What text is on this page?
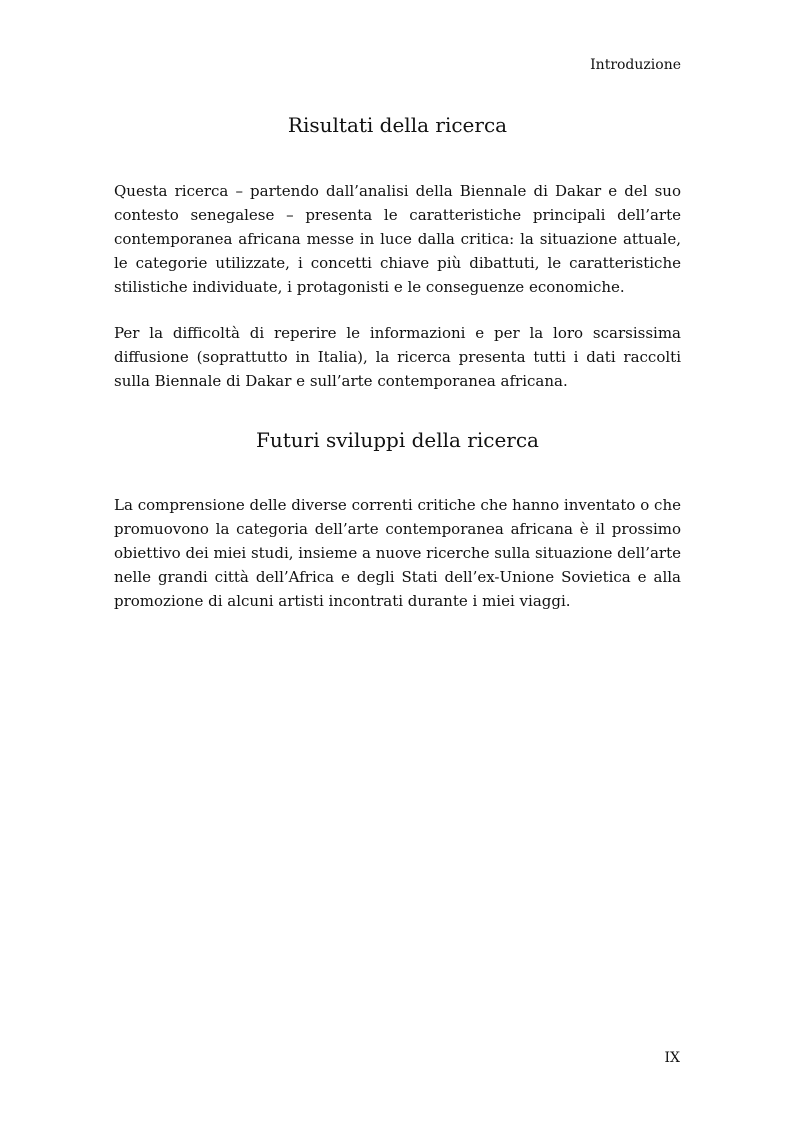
Introduzione
Risultati della ricerca

Questa ricerca – partendo dall’analisi della Biennale di Dakar e del suo contesto senegalese – presenta le caratteristiche principali dell’arte contemporanea africana messe in luce dalla critica: la situazione attuale, le categorie utilizzate, i concetti chiave più dibattuti, le caratteristiche stilistiche individuate, i protagonisti e le conseguenze economiche.

Per la difficoltà di reperire le informazioni e per la loro scarsissima diffusione (soprattutto in Italia), la ricerca presenta tutti i dati raccolti sulla Biennale di Dakar e sull’arte contemporanea africana.

Futuri sviluppi della ricerca

La comprensione delle diverse correnti critiche che hanno inventato o che promuovono la categoria dell’arte contemporanea africana è il prossimo obiettivo dei miei studi, insieme a nuove ricerche sulla situazione dell’arte nelle grandi città dell’Africa e degli Stati dell’ex-Unione Sovietica e alla promozione di alcuni artisti incontrati durante i miei viaggi.

IX
